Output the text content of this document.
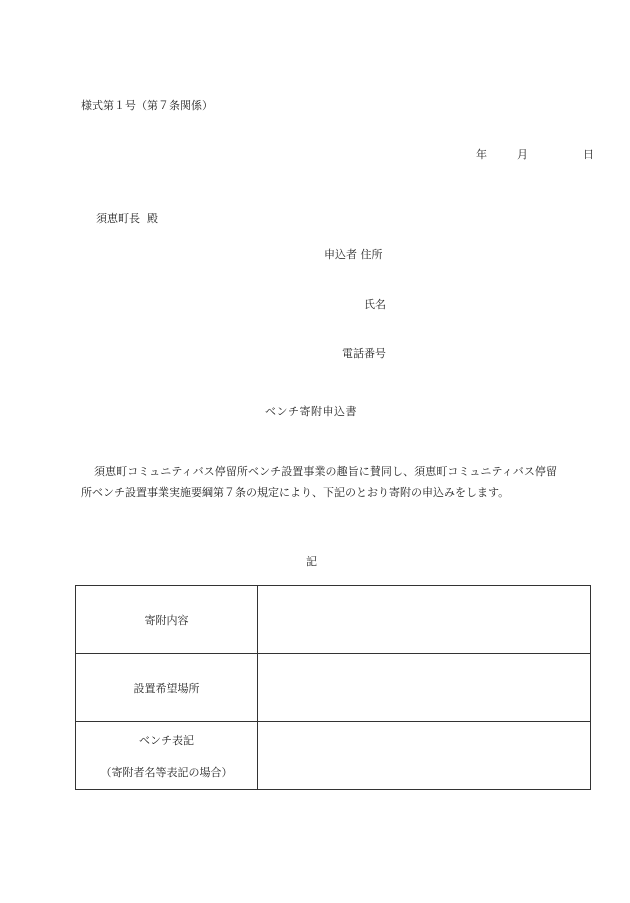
様式第１号（第７条関係）
年	月	日
須恵町長  殿
申込者 住所
氏名
電話番号
ベンチ寄附申込書
須恵町コミュニティバス停留所ベンチ設置事業の趣旨に賛同し、須恵町コミュニティバス停留所ベンチ設置事業実施要綱第７条の規定により、下記のとおり寄附の申込みをします。
記
寄附内容	
設置希望場所	
ベンチ表記
（寄附者名等表記の場合）	
